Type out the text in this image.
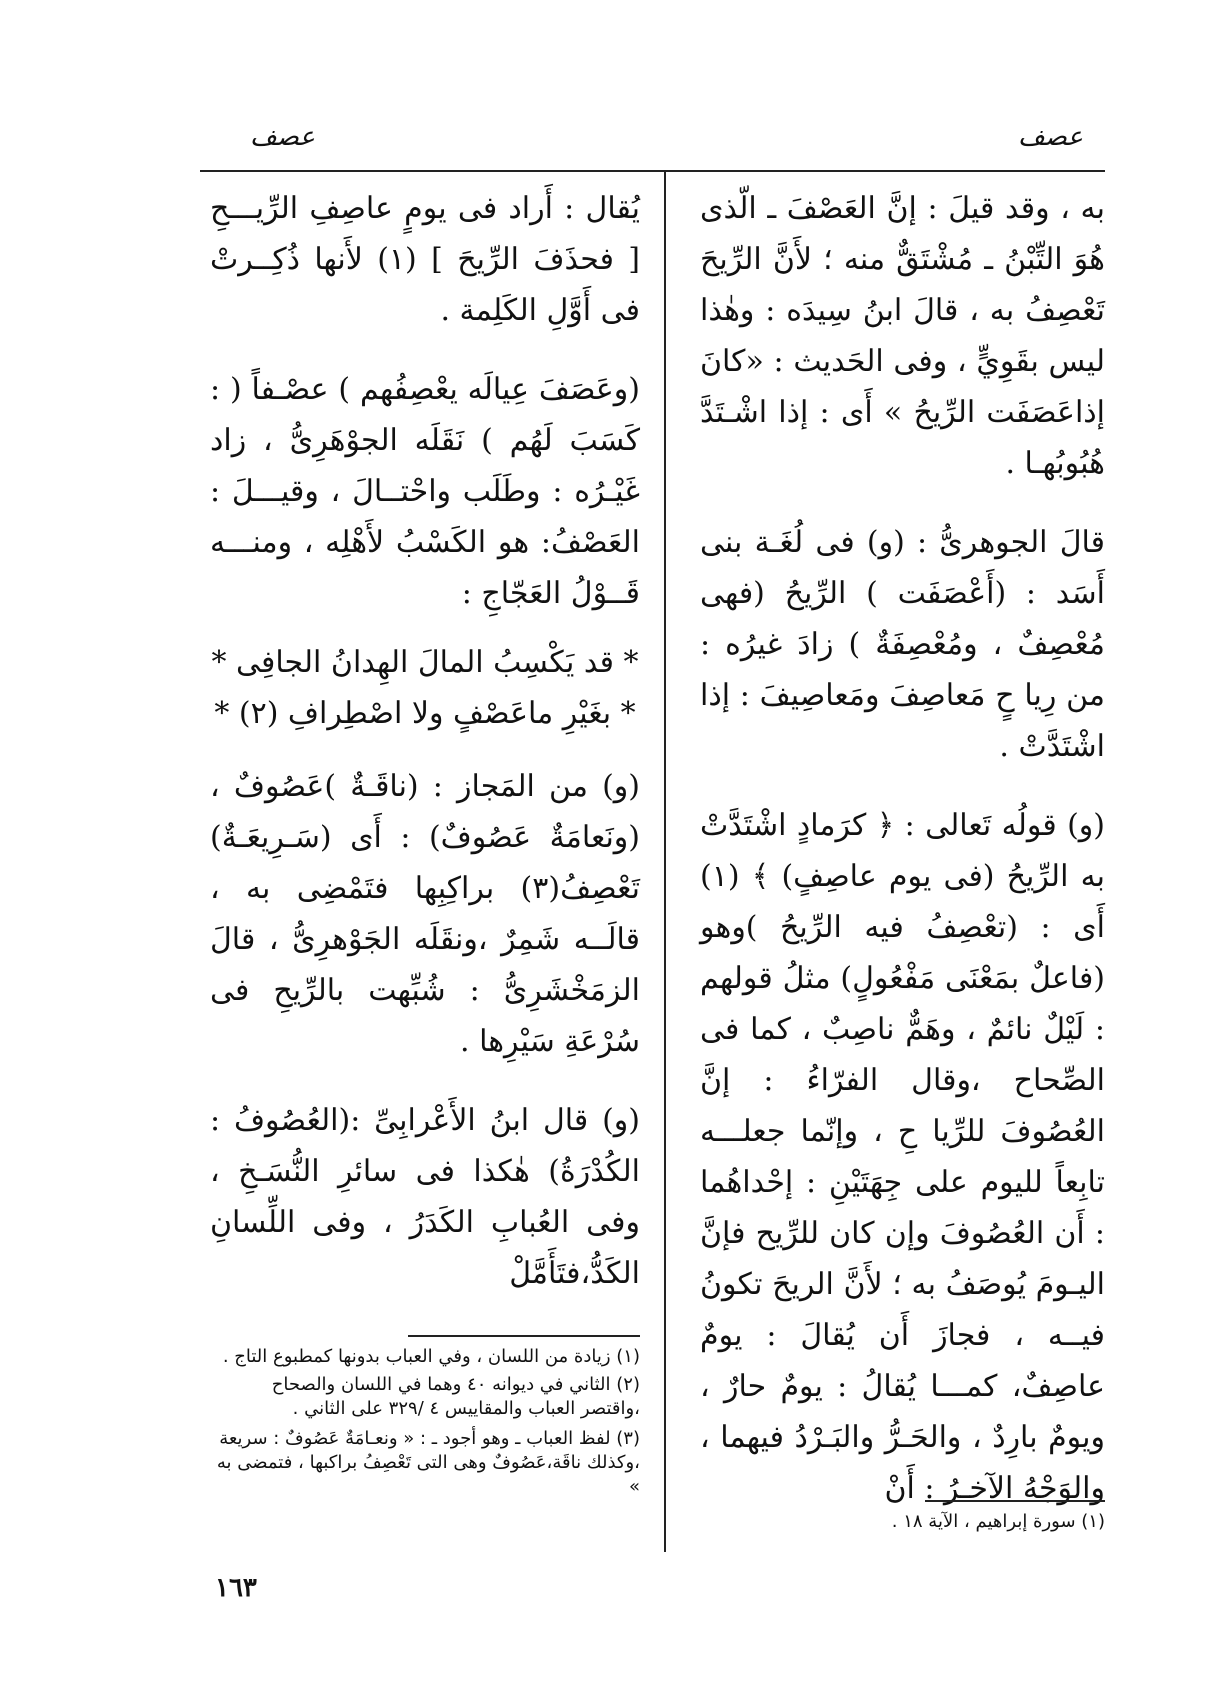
عصف
عصف

به ، وقد قيلَ : إنَّ العَصْفَ ـ الّذى هُوَ التِّبْنُ ـ مُشْتَقٌّ منه ؛ لأَنَّ الرِّيحَ تَعْصِفُ به ، قالَ ابنُ سِيدَه : وهٰذا ليس بقَوِيٍّ ، وفى الحَديث : «كانَ إذاعَصَفَت الرِّيحُ » أَى : إذا اشْـتَدَّ هُبُوبُهـا .

قالَ الجوهرىُّ : (و) فى لُغَـة بنى أَسَد : (أَعْصَفَت ) الرِّيحُ (فهى مُعْصِفٌ ، ومُعْصِفَةٌ ) زادَ غيرُه : من رِيا حٍ مَعاصِفَ ومَعاصِيفَ : إذا اشْتَدَّتْ .

(و) قولُه تَعالى : ﴿ كرَمادٍ اشْتَدَّتْ به الرِّيحُ (فى يوم عاصِفٍ) ﴾ (١) أَى : (تعْصِفُ فيه الرِّيحُ )وهو (فاعلٌ بمَعْنَى مَفْعُولٍ) مثلُ قولهم : لَيْلٌ نائمٌ ، وهَمٌّ ناصِبٌ ، كما فى الصِّحاح ،وقال الفرّاءُ : إنَّ العُصُوفَ للرِّيا حِ ، وإنّما جعلـــه تابِعاً لليوم على جِهَتَيْنِ : إحْداهُما : أَن العُصُوفَ وإن كان للرِّيح فإنَّ اليـومَ يُوصَفُ به ؛ لأَنَّ الريحَ تكونُ فيــه ، فجازَ أَن يُقالَ : يومٌ عاصِفٌ، كمـــا يُقالُ : يومٌ حارٌ ، ويومٌ بارِدٌ ، والحَـرُّ والبَـرْدُ فيهما ، والوَجْهُ الآخـرُ : أَنْ

يُقال : أَراد فى يومٍ عاصِفِ الرِّيـــحِ [ فحذَفَ الرِّيحَ ] (١) لأَنها ذُكِــرتْ فى أَوَّلِ الكَلِمة .

(وعَصَفَ عِيالَه يعْصِفُهم ) عصْـفاً ( : كَسَبَ لَهُم ) نَقَلَه الجوْهَرِىُّ ، زاد غَيْـرُه : وطَلَب واحْتــالَ ، وقيـــلَ : العَصْفُ: هو الكَسْبُ لأَهْلِه ، ومنـــه قَــوْلُ العَجّاجِ :

* قد يَكْسِبُ المالَ الهِدانُ الجافِى *

* بغَيْرِ ماعَصْفٍ ولا اصْطِرافِ (٢) *

(و) من المَجاز : (ناقَـةٌ )عَصُوفٌ ، (ونَعامَةٌ عَصُوفٌ) : أَى (سَـرِيعَـةٌ) تَعْصِفُ(٣) براكِبِها فتَمْضِى به ، قالَــه شَمِرٌ ،ونقَلَه الجَوْهرِىُّ ، قالَ الزمَخْشَرِىُّ : شُبِّهت بالرِّيحِ فى سُرْعَةِ سَيْرِها .

(و) قال ابنُ الأَعْرابِىِّ :(العُصُوفُ : الكُدْرَةُ) هٰكذا فى سائرِ النُّسَـخِ ، وفى العُبابِ الكَدَرُ ، وفى اللِّسانِ الكَدُّ،فتَأَمَّلْ

(١) زيادة من اللسان ، وفي العباب بدونها كمطبوع التاج .

(٢) الثاني في ديوانه ٤٠ وهما في اللسان والصحاح ،واقتصر العباب والمقاييس ٤ /٣٢٩ على الثاني .

(٣) لفظ العباب ـ وهو أجود ـ : « ونعـامَةٌ عَصُوفٌ : سريعة ،وكذلك ناقَة،عَصُوفٌ وهى التى تَعْصِفُ براكبها ، فتمضى به »

(١) سورة إبراهيم ، الآية ١٨ .

١٦٣
